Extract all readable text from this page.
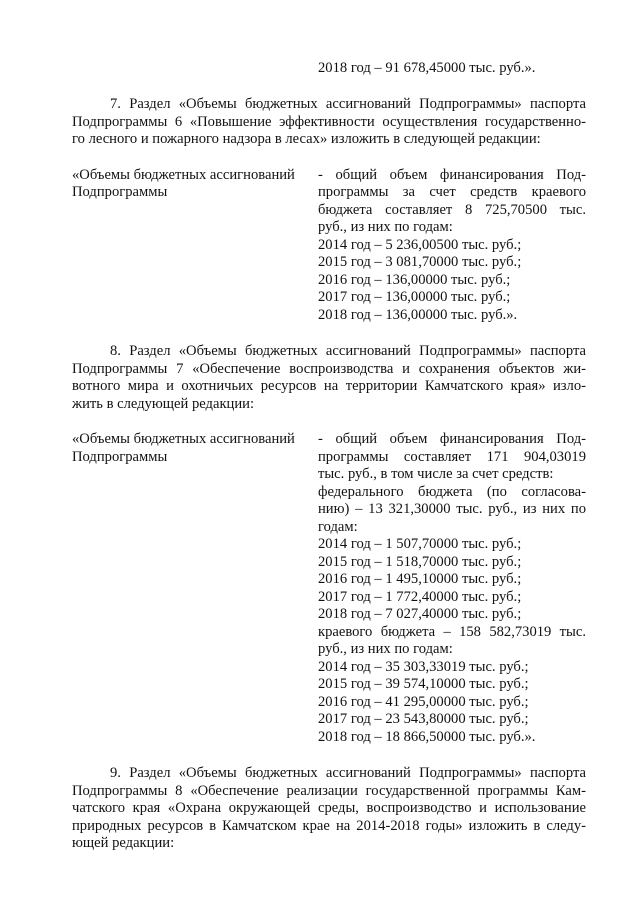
2018 год – 91 678,45000 тыс. руб.».
7. Раздел «Объемы бюджетных ассигнований Подпрограммы» паспорта
Подпрограммы 6 «Повышение эффективности осуществления государственно-
го лесного и пожарного надзора в лесах» изложить в следующей редакции:
«Объемы бюджетных ассигнований
Подпрограммы
- общий объем финансирования Под-
программы за счет средств краевого
бюджета составляет 8 725,70500 тыс.
руб., из них по годам:
2014 год – 5 236,00500 тыс. руб.;
2015 год – 3 081,70000 тыс. руб.;
2016 год – 136,00000 тыс. руб.;
2017 год – 136,00000 тыс. руб.;
2018 год – 136,00000 тыс. руб.».
8. Раздел «Объемы бюджетных ассигнований Подпрограммы» паспорта
Подпрограммы 7 «Обеспечение воспроизводства и сохранения объектов жи-
вотного мира и охотничьих ресурсов на территории Камчатского края» изло-
жить в следующей редакции:
«Объемы бюджетных ассигнований
Подпрограммы
- общий объем финансирования Под-
программы составляет 171 904,03019
тыс. руб., в том числе за счет средств:
федерального бюджета (по согласова-
нию) – 13 321,30000 тыс. руб., из них по
годам:
2014 год – 1 507,70000 тыс. руб.;
2015 год – 1 518,70000 тыс. руб.;
2016 год – 1 495,10000 тыс. руб.;
2017 год – 1 772,40000 тыс. руб.;
2018 год – 7 027,40000 тыс. руб.;
краевого бюджета – 158 582,73019 тыс.
руб., из них по годам:
2014 год – 35 303,33019 тыс. руб.;
2015 год – 39 574,10000 тыс. руб.;
2016 год – 41 295,00000 тыс. руб.;
2017 год – 23 543,80000 тыс. руб.;
2018 год – 18 866,50000 тыс. руб.».
9. Раздел «Объемы бюджетных ассигнований Подпрограммы» паспорта
Подпрограммы 8 «Обеспечение реализации государственной программы Кам-
чатского края «Охрана окружающей среды, воспроизводство и использование
природных ресурсов в Камчатском крае на 2014-2018 годы» изложить в следу-
ющей редакции:
